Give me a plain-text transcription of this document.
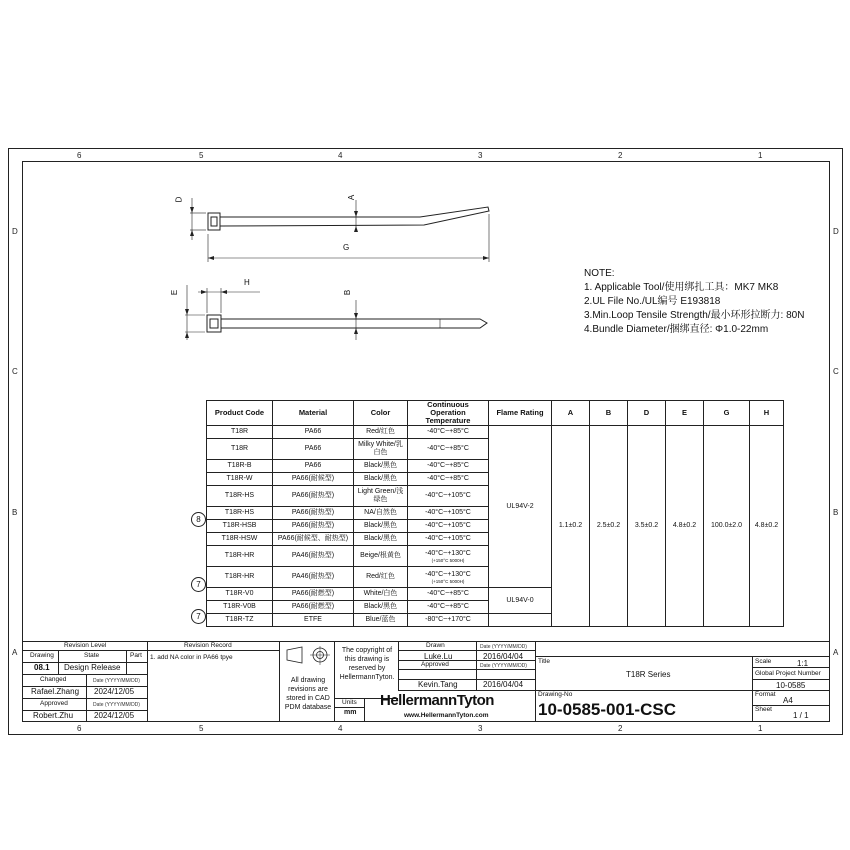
6	5	4	3	2	1
6	5	4	3	2	1
D
C
B
A
D
C
B
A
D	A
G
E
H
B
NOTE:
1. Applicable Tool/使用绑扎工具：MK7 MK8
2.UL File No./UL编号 E193818
3.Min.Loop Tensile Strength/最小环形拉断力: 80N
4.Bundle Diameter/捆绑直径: Φ1.0-22mm
Product Code	Material	Color	Continuous Operation Temperature	Flame Rating	A	B	D	E	G	H
T18R	PA66	Red/红色	-40°C~+85°C	UL94V-2	1.1±0.2	2.5±0.2	3.5±0.2	4.8±0.2	100.0±2.0	4.8±0.2
T18R	PA66	Milky White/乳白色	-40°C~+85°C							
T18R-B	PA66	Black/黑色	-40°C~+85°C							
T18R-W	PA66(耐候型)	Black/黑色	-40°C~+85°C							
T18R-HS	PA66(耐热型)	Light Green/浅绿色	-40°C~+105°C							
T18R-HS	PA66(耐热型)	NA/自然色	-40°C~+105°C							
T18R-HSB	PA66(耐热型)	Black/黑色	-40°C~+105°C							
T18R-HSW	PA66(耐候型、耐热型)	Black/黑色	-40°C~+105°C							
T18R-HR	PA46(耐热型)	Beige/根黄色	-40°C~+130°C
(+150°C 5000H)							

T18R-HR	PA46(耐热型)	Red/红色	-40°C~+130°C
(+150°C 5000H)							

T18R-V0	PA66(耐燃型)	White/白色	-40°C~+85°C	UL94V-0						
T18R-V0B	PA66(耐燃型)	Black/黑色	-40°C~+85°C							
T18R-TZ	ETFE	Blue/蓝色	-80°C~+170°C							
8
7
7
Revision Level
Drawing	State	Part
08.1 Design Release
Changed	Date (YYYY/MM/DD)
Rafael.Zhang 2024/12/05
Approved	Date (YYYY/MM/DD)
Robert.Zhu	2024/12/05
Revision Record
1. add NA color in PA66 tpye
All drawing revisions are stored in CAD PDM database
Units
mm
The copyright of this drawing is reserved by HellermannTyton.
Drawn	Date (YYYY/MM/DD)
Luke.Lu	2016/04/04
Approved	Date (YYYY/MM/DD)
Kevin.Tang	2016/04/04
HellermannTyton
www.HellermannTyton.com
Title
T18R Series
Scale	1:1
Global Project Number
10-0585
Drawing-No
10-0585-001-CSC
Format
A4
Sheet
1 / 1
